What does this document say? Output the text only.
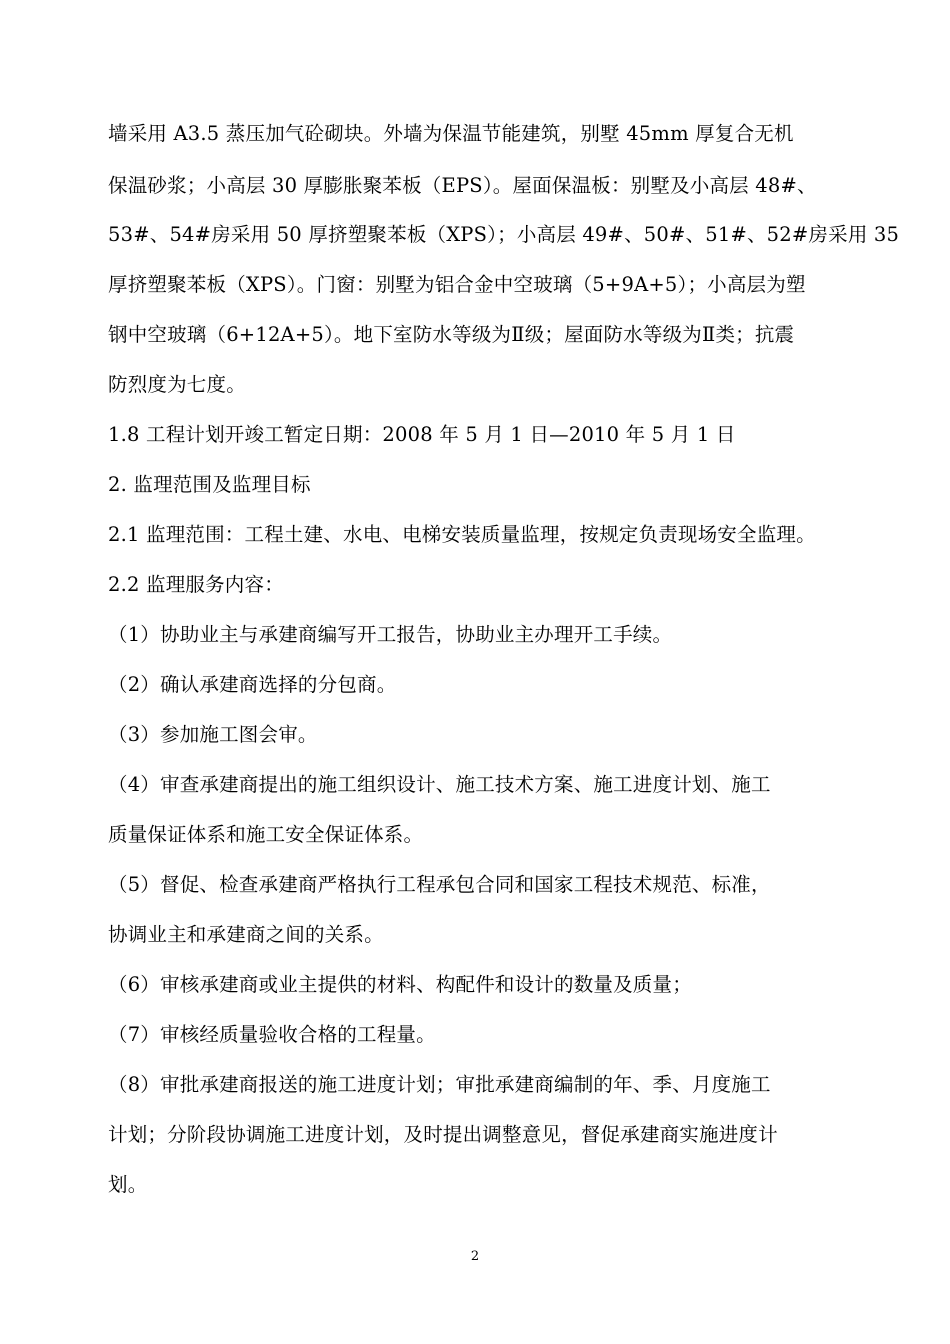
墙采用 A3.5 蒸压加气砼砌块。外墙为保温节能建筑，别墅 45mm 厚复合无机
保温砂浆；小高层 30 厚膨胀聚苯板（EPS）。屋面保温板：别墅及小高层 48#、
53#、54#房采用 50 厚挤塑聚苯板（XPS）；小高层 49#、50#、51#、52#房采用 35
厚挤塑聚苯板（XPS）。门窗：别墅为铝合金中空玻璃（5+9A+5）；小高层为塑
钢中空玻璃（6+12A+5）。地下室防水等级为Ⅱ级；屋面防水等级为Ⅱ类；抗震
防烈度为七度。
1.8 工程计划开竣工暂定日期：2008 年 5 月 1 日—2010 年 5 月 1 日
2. 监理范围及监理目标
2.1 监理范围：工程土建、水电、电梯安装质量监理，按规定负责现场安全监理。
2.2 监理服务内容：
（1）协助业主与承建商编写开工报告，协助业主办理开工手续。
（2）确认承建商选择的分包商。
（3）参加施工图会审。
（4）审查承建商提出的施工组织设计、施工技术方案、施工进度计划、施工
质量保证体系和施工安全保证体系。
（5）督促、检查承建商严格执行工程承包合同和国家工程技术规范、标准，
协调业主和承建商之间的关系。
（6）审核承建商或业主提供的材料、构配件和设计的数量及质量；
（7）审核经质量验收合格的工程量。
（8）审批承建商报送的施工进度计划；审批承建商编制的年、季、月度施工
计划；分阶段协调施工进度计划，及时提出调整意见，督促承建商实施进度计
划。
2
